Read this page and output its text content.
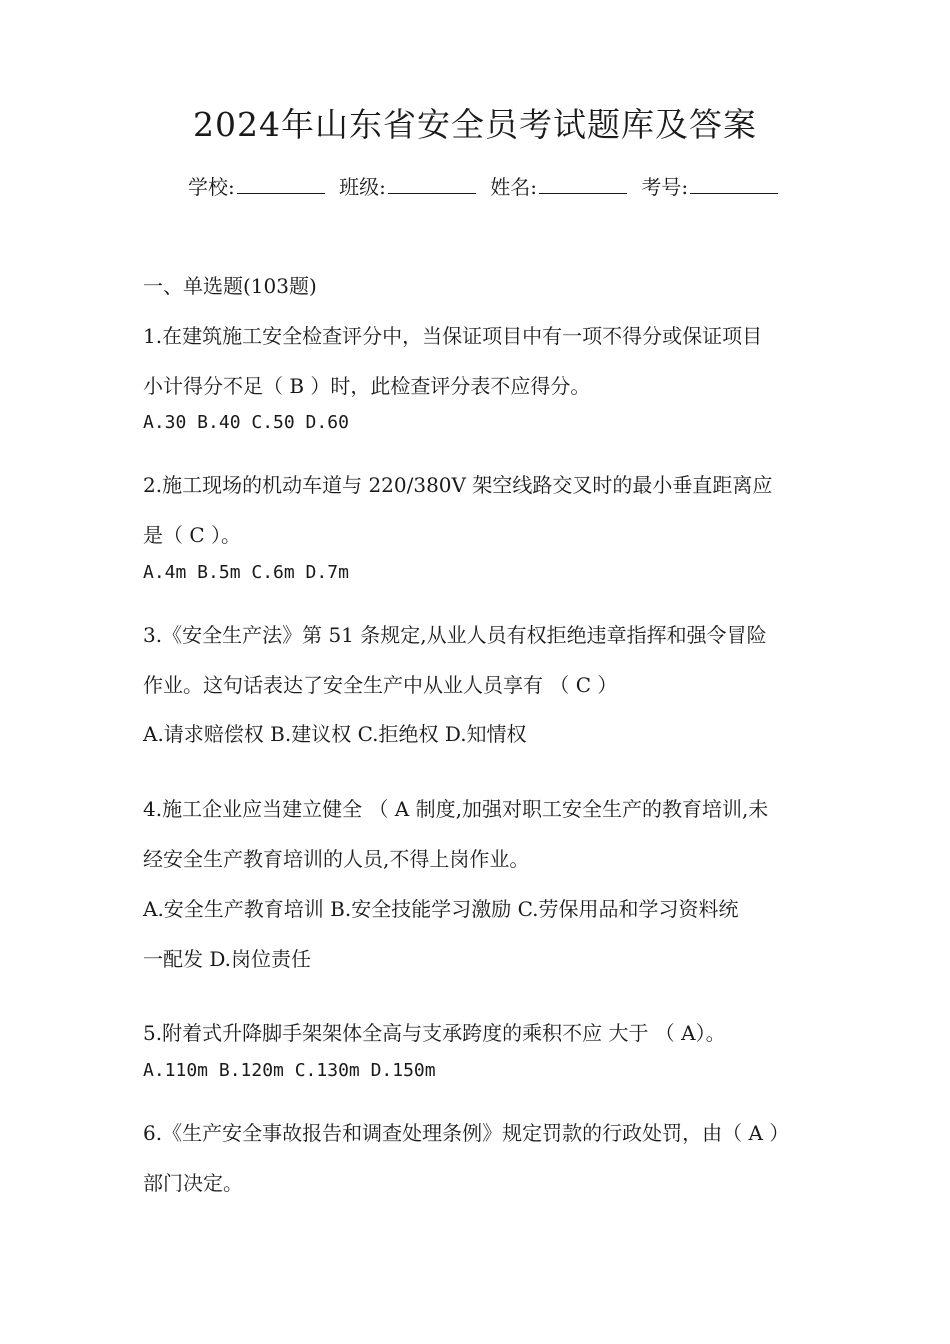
2024年山东省安全员考试题库及答案
学校:	班级:	姓名:	考号:
一、单选题(103题)
1.在建筑施工安全检查评分中，当保证项目中有一项不得分或保证项目
小计得分不足（ B ）时，此检查评分表不应得分。
A.30 B.40 C.50 D.60
2.施工现场的机动车道与 220/380V 架空线路交叉时的最小垂直距离应
是（ C ）。
A.4m B.5m C.6m D.7m
3.《安全生产法》第 51 条规定,从业人员有权拒绝违章指挥和强令冒险
作业。这句话表达了安全生产中从业人员享有 （ C ）
A.请求赔偿权 B.建议权 C.拒绝权 D.知情权
4.施工企业应当建立健全 （ A 制度,加强对职工安全生产的教育培训,未
经安全生产教育培训的人员,不得上岗作业。
A.安全生产教育培训 B.安全技能学习激励 C.劳保用品和学习资料统
一配发 D.岗位责任
5.附着式升降脚手架架体全高与支承跨度的乘积不应 大于 （ A）。
A.110m B.120m C.130m D.150m
6.《生产安全事故报告和调查处理条例》规定罚款的行政处罚，由（ A ）
部门决定。
